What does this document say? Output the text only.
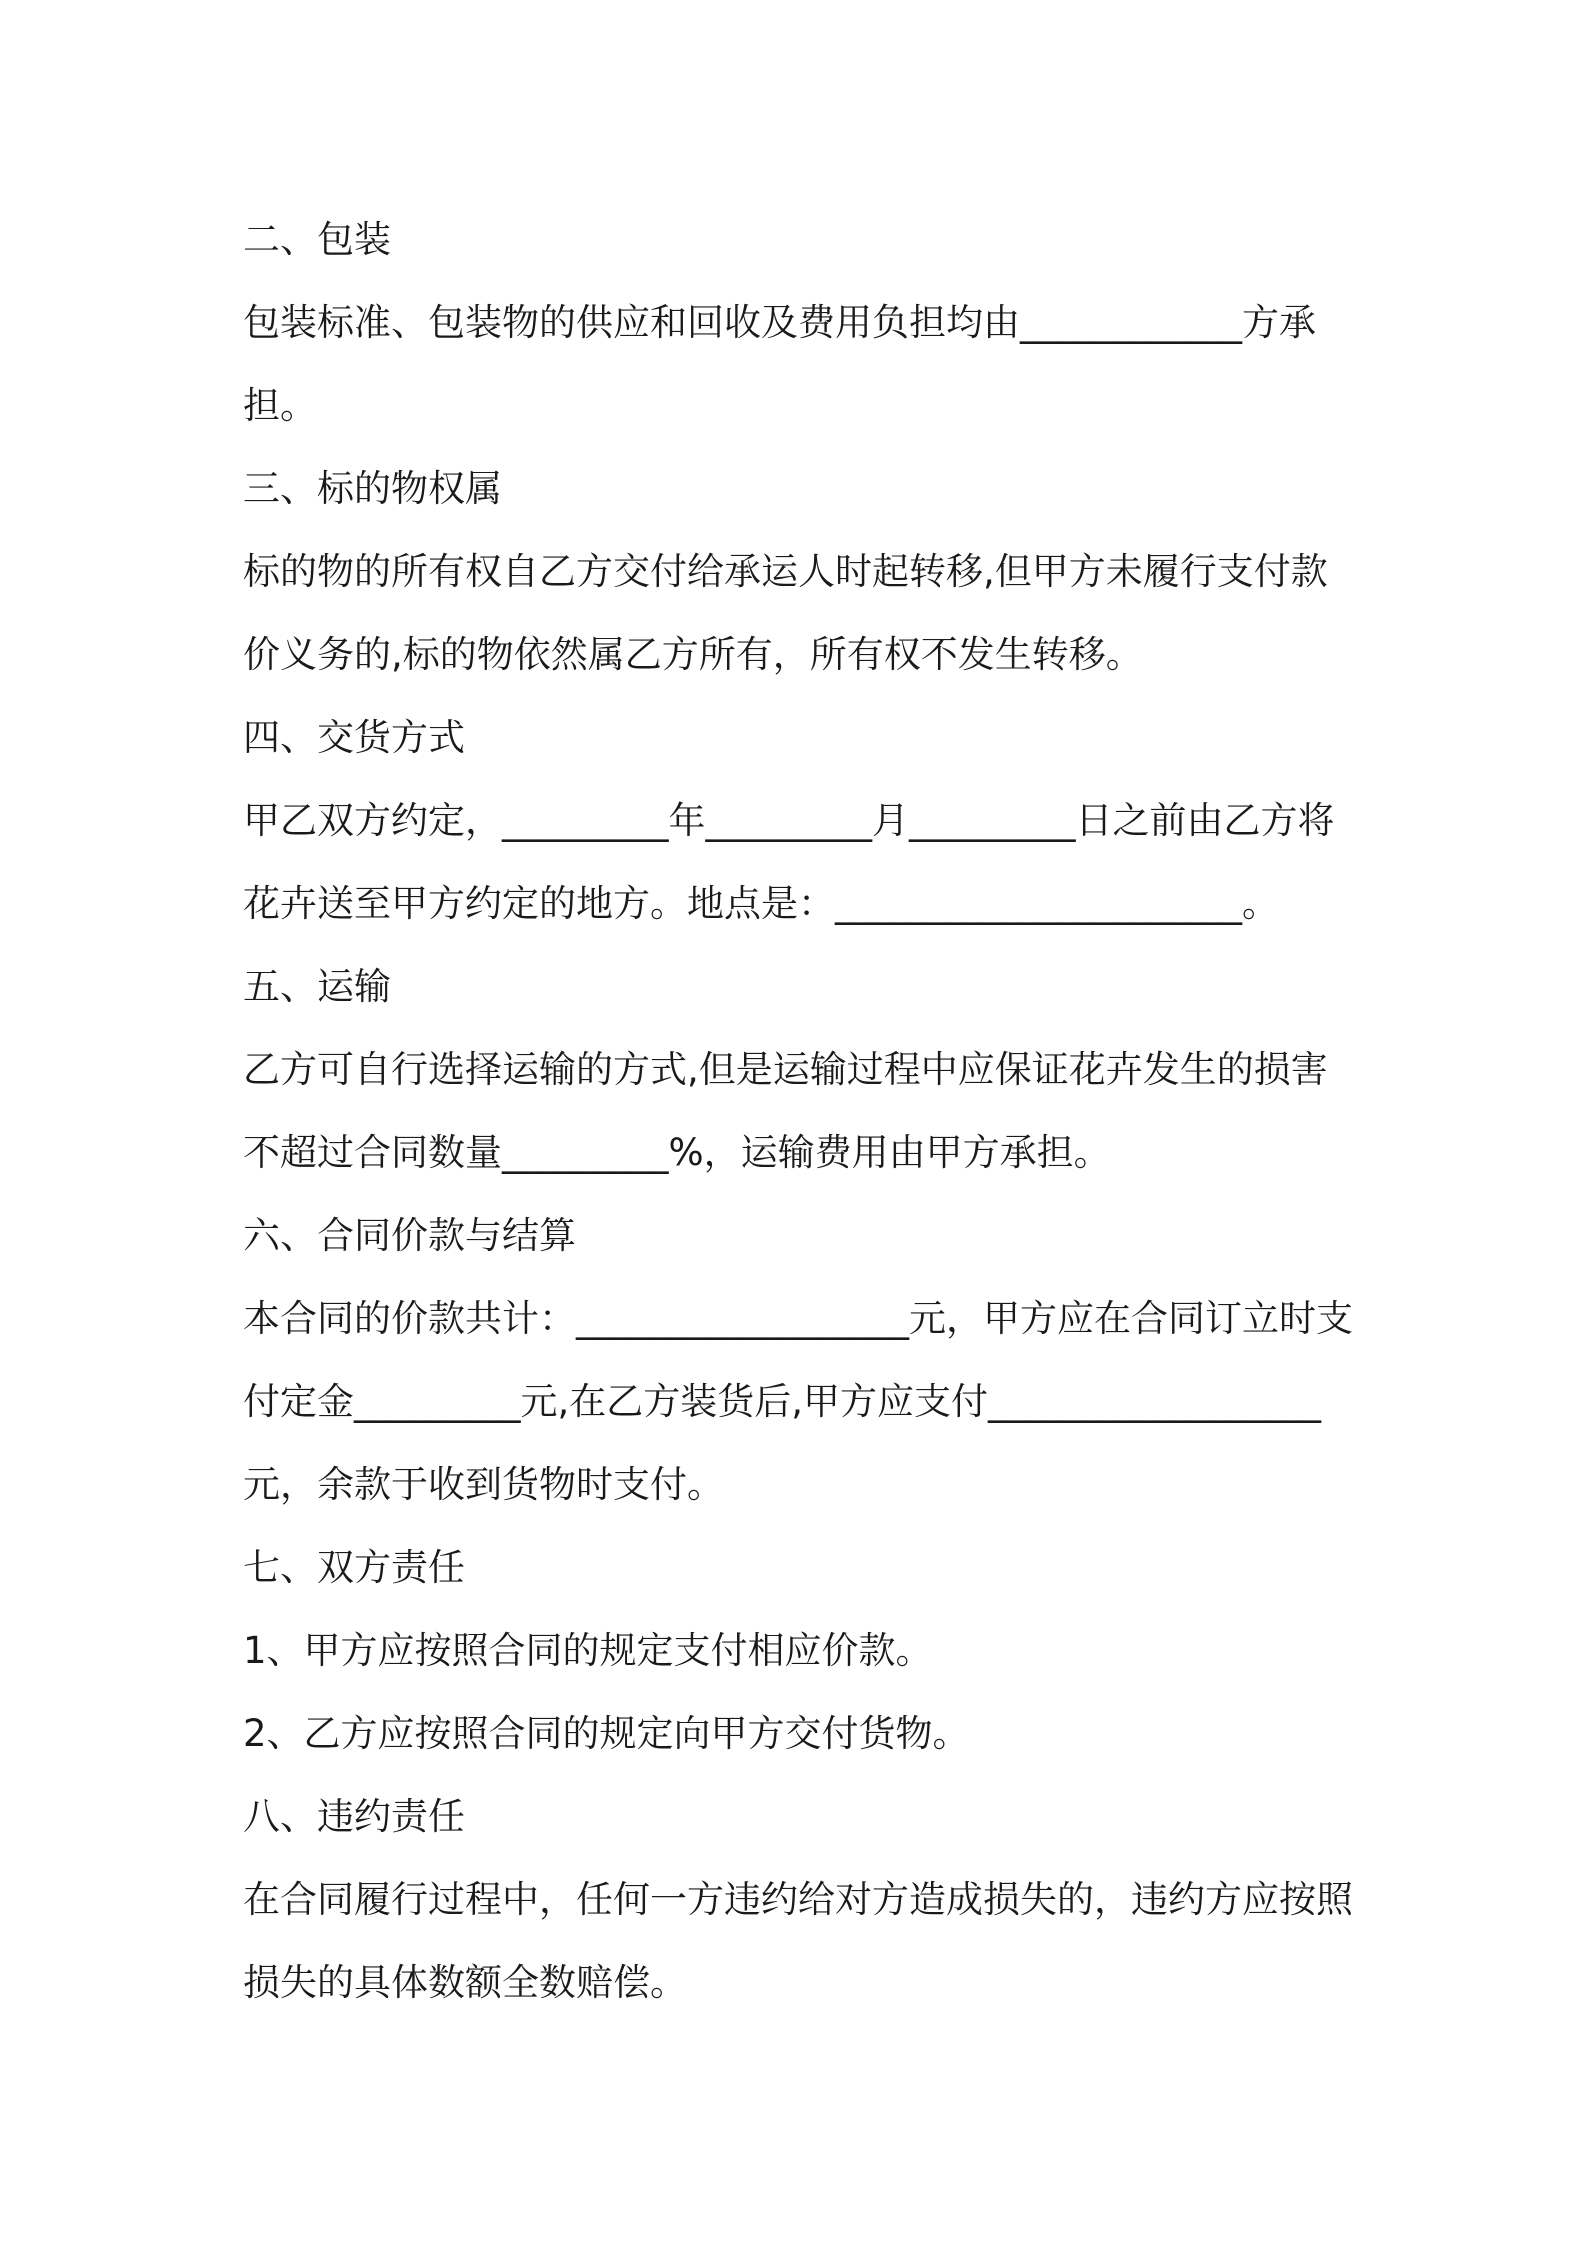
二、包装
包装标准、包装物的供应和回收及费用负担均由____________方承
担。
三、标的物权属
标的物的所有权自乙方交付给承运人时起转移,但甲方未履行支付款
价义务的,标的物依然属乙方所有，所有权不发生转移。
四、交货方式
甲乙双方约定，_________年_________月_________日之前由乙方将
花卉送至甲方约定的地方。地点是：______________________。
五、运输
乙方可自行选择运输的方式,但是运输过程中应保证花卉发生的损害
不超过合同数量_________%，运输费用由甲方承担。
六、合同价款与结算
本合同的价款共计：__________________元，甲方应在合同订立时支
付定金_________元,在乙方装货后,甲方应支付__________________
元，余款于收到货物时支付。
七、双方责任
1、甲方应按照合同的规定支付相应价款。
2、乙方应按照合同的规定向甲方交付货物。
八、违约责任
在合同履行过程中，任何一方违约给对方造成损失的，违约方应按照
损失的具体数额全数赔偿。
